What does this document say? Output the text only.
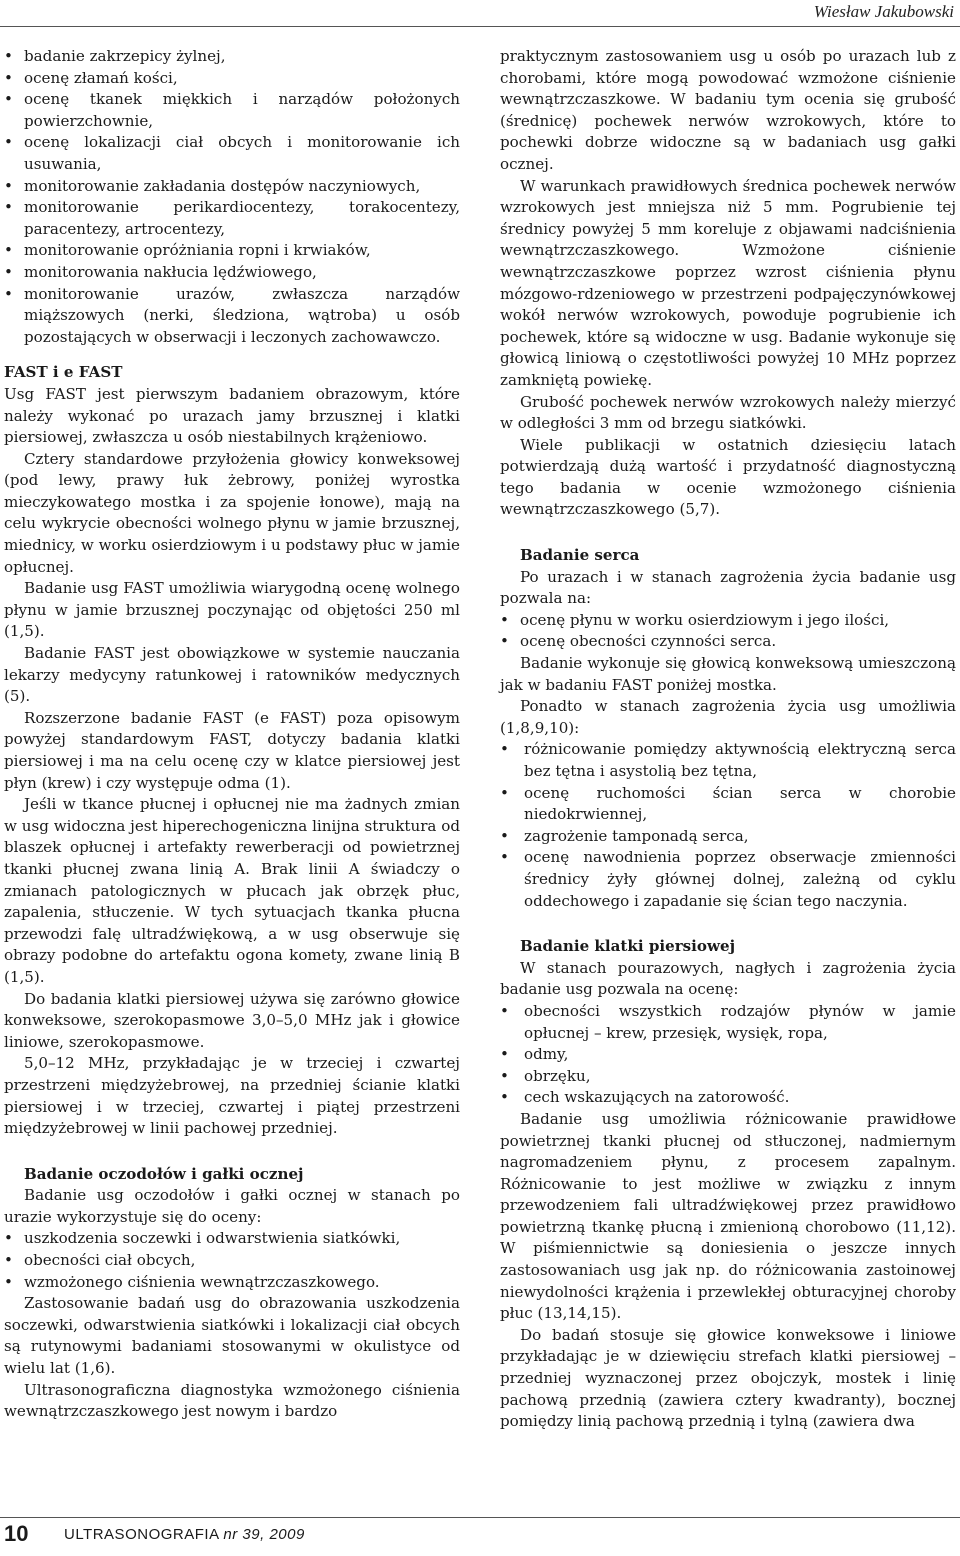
Wiesław Jakubowski
• badanie zakrzepicy żylnej,
• ocenę złamań kości,
• ocenę tkanek miękkich i narządów położonych powierzchownie,
• ocenę lokalizacji ciał obcych i monitorowanie ich usuwania,
• monitorowanie zakładania dostępów naczyniowych,
• monitorowanie perikardiocentezy, torakocentezy, paracentezy, artrocentezy,
• monitorowanie opróżniania ropni i krwiaków,
• monitorowania nakłucia lędźwiowego,
• monitorowanie urazów, zwłaszcza narządów miąższowych (nerki, śledziona, wątroba) u osób pozostających w obserwacji i leczonych zachowawczo.
FAST i e FAST

Usg FAST jest pierwszym badaniem obrazowym, które należy wykonać po urazach jamy brzusznej i klatki piersiowej, zwłaszcza u osób niestabilnych krążeniowo.

Cztery standardowe przyłożenia głowicy konweksowej (pod lewy, prawy łuk żebrowy, poniżej wyrostka mieczykowatego mostka i za spojenie łonowe), mają na celu wykrycie obecności wolnego płynu w jamie brzusznej, miednicy, w worku osierdziowym i u podstawy płuc w jamie opłucnej.

Badanie usg FAST umożliwia wiarygodną ocenę wolnego płynu w jamie brzusznej poczynając od objętości 250 ml (1,5).

Badanie FAST jest obowiązkowe w systemie nauczania lekarzy medycyny ratunkowej i ratowników medycznych (5).

Rozszerzone badanie FAST (e FAST) poza opisowym powyżej standardowym FAST, dotyczy badania klatki piersiowej i ma na celu ocenę czy w klatce piersiowej jest płyn (krew) i czy występuje odma (1).

Jeśli w tkance płucnej i opłucnej nie ma żadnych zmian w usg widoczna jest hiperechogeniczna linijna struktura od blaszek opłucnej i artefakty rewerberacji od powietrznej tkanki płucnej zwana linią A. Brak linii A świadczy o zmianach patologicznych w płucach jak obrzęk płuc, zapalenia, stłuczenie. W tych sytuacjach tkanka płucna przewodzi falę ultradźwiękową, a w usg obserwuje się obrazy podobne do artefaktu ogona komety, zwane linią B (1,5).

Do badania klatki piersiowej używa się zarówno głowice konweksowe, szerokopasmowe 3,0–5,0 MHz jak i głowice liniowe, szerokopasmowe.

5,0–12 MHz, przykładając je w trzeciej i czwartej przestrzeni międzyżebrowej, na przedniej ścianie klatki piersiowej i w trzeciej, czwartej i piątej przestrzeni międzyżebrowej w linii pachowej przedniej.

Badanie oczodołów i gałki ocznej

Badanie usg oczodołów i gałki ocznej w stanach po urazie wykorzystuje się do oceny:

• uszkodzenia soczewki i odwarstwienia siatkówki,
• obecności ciał obcych,
• wzmożonego ciśnienia wewnątrzczaszkowego.

Zastosowanie badań usg do obrazowania uszkodzenia soczewki, odwarstwienia siatkówki i lokalizacji ciał obcych są rutynowymi badaniami stosowanymi w okulistyce od wielu lat (1,6).

Ultrasonograficzna diagnostyka wzmożonego ciśnienia wewnątrzczaszkowego jest nowym i bardzo

praktycznym zastosowaniem usg u osób po urazach lub z chorobami, które mogą powodować wzmożone ciśnienie wewnątrzczaszkowe. W badaniu tym ocenia się grubość (średnicę) pochewek nerwów wzrokowych, które to pochewki dobrze widoczne są w badaniach usg gałki ocznej.

W warunkach prawidłowych średnica pochewek nerwów wzrokowych jest mniejsza niż 5 mm. Pogrubienie tej średnicy powyżej 5 mm koreluje z objawami nadciśnienia wewnątrzczaszkowego. Wzmożone ciśnienie wewnątrzczaszkowe poprzez wzrost ciśnienia płynu mózgowo-rdzeniowego w przestrzeni podpajęczynówkowej wokół nerwów wzrokowych, powoduje pogrubienie ich pochewek, które są widoczne w usg. Badanie wykonuje się głowicą liniową o częstotliwości powyżej 10 MHz poprzez zamkniętą powiekę.

Grubość pochewek nerwów wzrokowych należy mierzyć w odległości 3 mm od brzegu siatkówki.

Wiele publikacji w ostatnich dziesięciu latach potwierdzają dużą wartość i przydatność diagnostyczną tego badania w ocenie wzmożonego ciśnienia wewnątrzczaszkowego (5,7).

Badanie serca

Po urazach i w stanach zagrożenia życia badanie usg pozwala na:

• ocenę płynu w worku osierdziowym i jego ilości,
• ocenę obecności czynności serca.

Badanie wykonuje się głowicą konweksową umieszczoną jak w badaniu FAST poniżej mostka.

Ponadto w stanach zagrożenia życia usg umożliwia (1,8,9,10):

• różnicowanie pomiędzy aktywnością elektryczną serca bez tętna i asystolią bez tętna,
• ocenę ruchomości ścian serca w chorobie niedokrwiennej,
• zagrożenie tamponadą serca,
• ocenę nawodnienia poprzez obserwacje zmienności średnicy żyły głównej dolnej, zależną od cyklu oddechowego i zapadanie się ścian tego naczynia.
Badanie klatki piersiowej

W stanach pourazowych, nagłych i zagrożenia życia badanie usg pozwala na ocenę:

• obecności wszystkich rodzajów płynów w jamie opłucnej – krew, przesięk, wysięk, ropa,
• odmy,
• obrzęku,
• cech wskazujących na zatorowość.

Badanie usg umożliwia różnicowanie prawidłowe powietrznej tkanki płucnej od stłuczonej, nadmiernym nagromadzeniem płynu, z procesem zapalnym. Różnicowanie to jest możliwe w związku z innym przewodzeniem fali ultradźwiękowej przez prawidłowo powietrzną tkankę płucną i zmienioną chorobowo (11,12). W piśmiennictwie są doniesienia o jeszcze innych zastosowaniach usg jak np. do różnicowania zastoinowej niewydolności krążenia i przewlekłej obturacyjnej choroby płuc (13,14,15).

Do badań stosuje się głowice konweksowe i liniowe przykładając je w dziewięciu strefach klatki piersiowej – przedniej wyznaczonej przez obojczyk, mostek i linię pachową przednią (zawiera cztery kwadranty), bocznej pomiędzy linią pachową przednią i tylną (zawiera dwa

10 ULTRASONOGRAFIA nr 39, 2009
